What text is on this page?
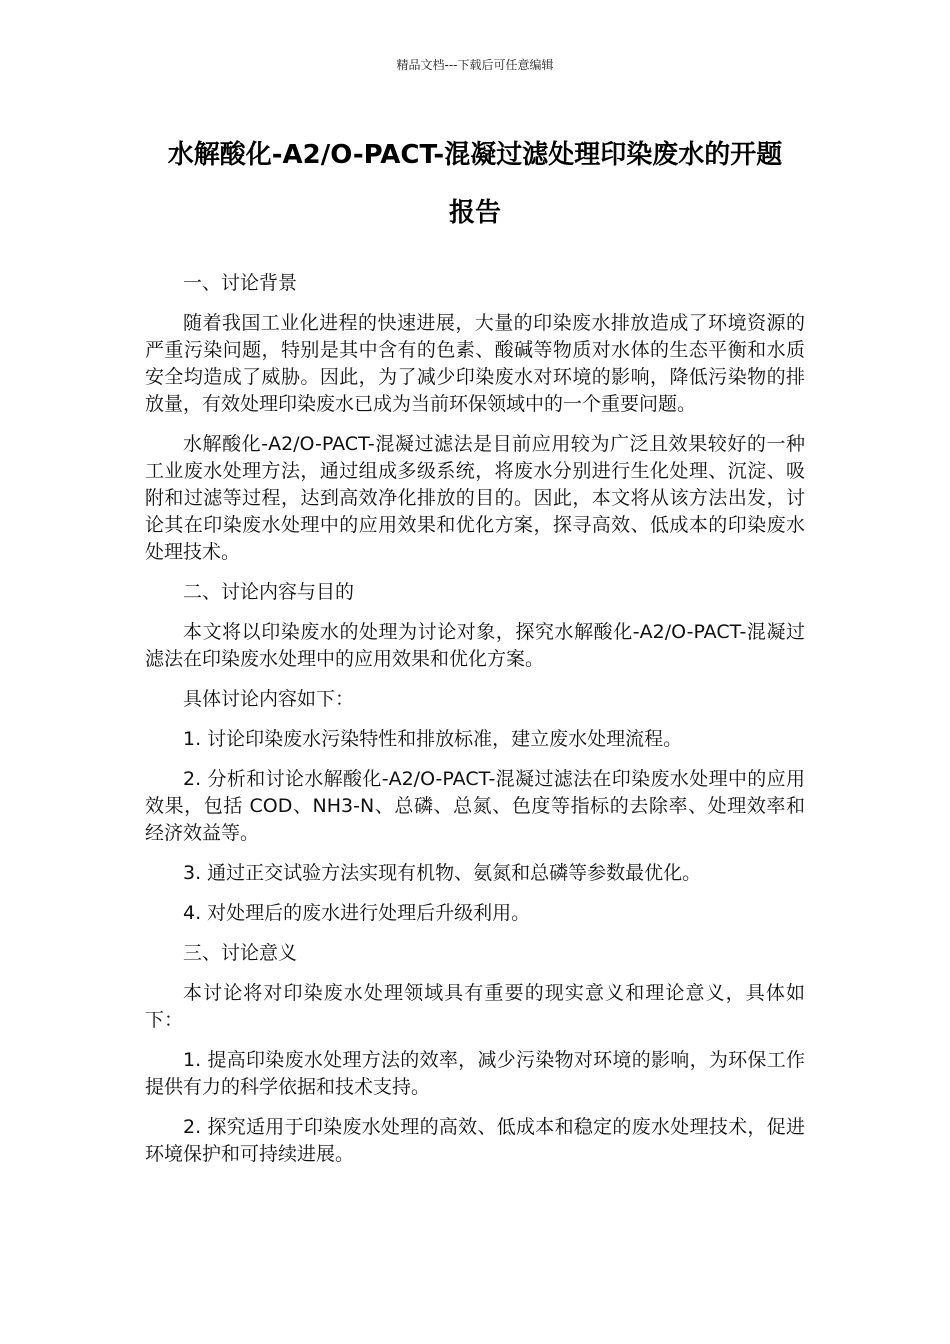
精品文档---下载后可任意编辑
水解酸化-A2/O-PACT-混凝过滤处理印染废水的开题
报告

一、讨论背景

随着我国工业化进程的快速进展，大量的印染废水排放造成了环境资源的严重污染问题，特别是其中含有的色素、酸碱等物质对水体的生态平衡和水质安全均造成了威胁。因此，为了减少印染废水对环境的影响，降低污染物的排放量，有效处理印染废水已成为当前环保领域中的一个重要问题。

水解酸化-A2/O-PACT-混凝过滤法是目前应用较为广泛且效果较好的一种工业废水处理方法，通过组成多级系统，将废水分别进行生化处理、沉淀、吸附和过滤等过程，达到高效净化排放的目的。因此，本文将从该方法出发，讨论其在印染废水处理中的应用效果和优化方案，探寻高效、低成本的印染废水处理技术。

二、讨论内容与目的

本文将以印染废水的处理为讨论对象，探究水解酸化-A2/O-PACT-混凝过滤法在印染废水处理中的应用效果和优化方案。

具体讨论内容如下：

1. 讨论印染废水污染特性和排放标准，建立废水处理流程。

2. 分析和讨论水解酸化-A2/O-PACT-混凝过滤法在印染废水处理中的应用效果，包括 COD、NH3-N、总磷、总氮、色度等指标的去除率、处理效率和经济效益等。

3. 通过正交试验方法实现有机物、氨氮和总磷等参数最优化。

4. 对处理后的废水进行处理后升级利用。

三、讨论意义

本讨论将对印染废水处理领域具有重要的现实意义和理论意义，具体如下：

1. 提高印染废水处理方法的效率，减少污染物对环境的影响，为环保工作提供有力的科学依据和技术支持。

2. 探究适用于印染废水处理的高效、低成本和稳定的废水处理技术，促进环境保护和可持续进展。
